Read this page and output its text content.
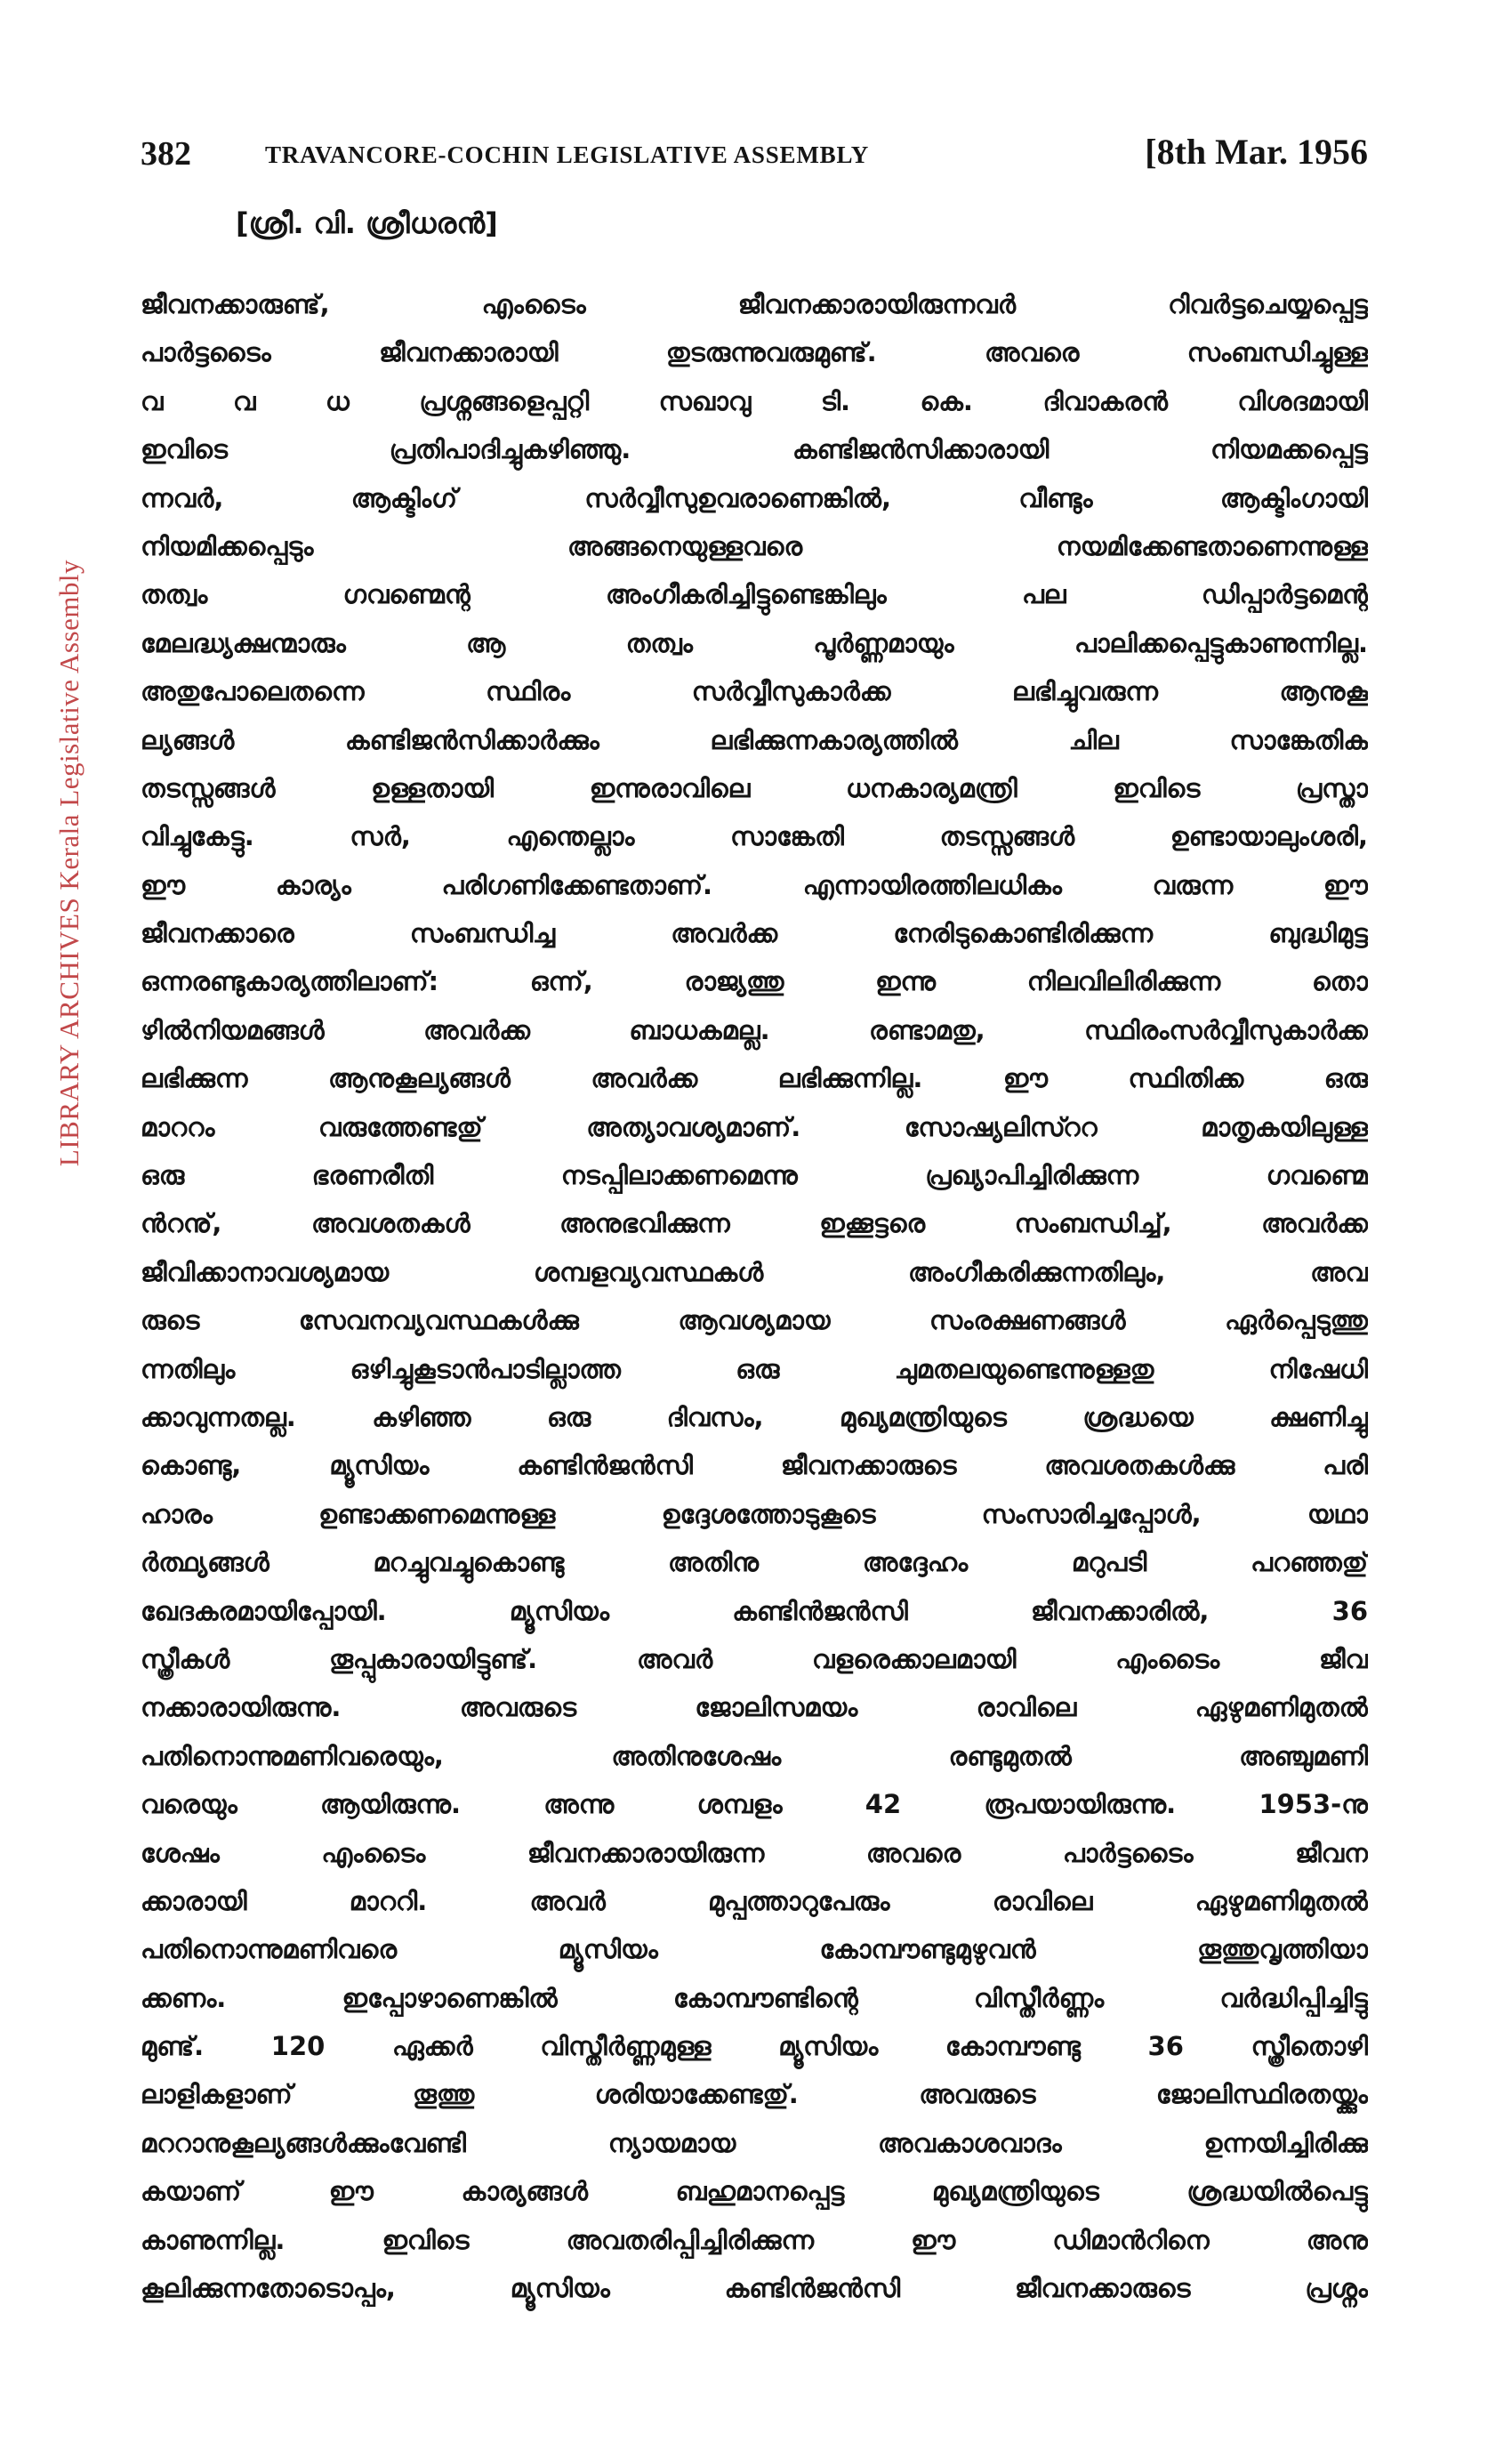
LIBRARY ARCHIVES Kerala Legislative Assembly
382	TRAVANCORE-COCHIN LEGISLATIVE ASSEMBLY	[8th Mar. 1956
[ശ്രീ. വി. ശ്രീധരൻ]
ജീവനക്കാരുണ്ട്, എംടൈം ജീവനക്കാരായിരുന്നവർ റിവർട്ടചെയ്യപ്പെട്ട
പാർട്ടടൈം ജീവനക്കാരായി തുടരുന്നുവരുമുണ്ട്. അവരെ സംബന്ധിച്ചുള്ള
വ വ ധ പ്രശ്നങ്ങളെപ്പറ്റി സഖാവു ടി. കെ. ദിവാകരൻ വിശദമായി
ഇവിടെ പ്രതിപാദിച്ചുകഴിഞ്ഞു. കണ്ടിജൻസിക്കാരായി നിയമക്കപ്പെട്ട
ന്നവർ, ആക്ടിംഗ് സർവ്വീസുഉവരാണെങ്കിൽ, വീണ്ടും ആക്ടിംഗായി
നിയമിക്കപ്പെടും അങ്ങനെയുള്ളവരെ നയമിക്കേണ്ടതാണെന്നുള്ള
തത്വം ഗവണ്മെന്റ അംഗീകരിച്ചിട്ടുണ്ടെങ്കിലും പല ഡിപ്പാർട്ടമെന്റ
മേലദ്ധ്യക്ഷന്മാരും ആ തത്വം പൂർണ്ണമായും പാലിക്കപ്പെട്ടുകാണുന്നില്ല.
അതുപോലെതന്നെ സ്ഥിരം സർവ്വീസുകാർക്ക ലഭിച്ചുവരുന്ന ആനുകൂ
ല്യങ്ങൾ കണ്ടിജൻസിക്കാർക്കും ലഭിക്കുന്നകാര്യത്തിൽ ചില സാങ്കേതിക
തടസ്സങ്ങൾ ഉള്ളതായി ഇന്നുരാവിലെ ധനകാര്യമന്ത്രി ഇവിടെ പ്രസ്താ
വിച്ചുകേട്ടു. സർ, എന്തെല്ലാം സാങ്കേതി തടസ്സങ്ങൾ ഉണ്ടായാലുംശരി,
ഈ കാര്യം പരിഗണിക്കേണ്ടതാണ്. എന്നായിരത്തിലധികം വരുന്ന ഈ
ജീവനക്കാരെ സംബന്ധിച്ച അവർക്ക നേരിടുകൊണ്ടിരിക്കുന്ന ബുദ്ധിമുട്ട
ഒന്നരണ്ടുകാര്യത്തിലാണ്: ഒന്ന്, രാജ്യത്തു ഇന്നു നിലവിലിരിക്കുന്ന തൊ
ഴിൽനിയമങ്ങൾ അവർക്ക ബാധകമല്ല. രണ്ടാമതു, സ്ഥിരംസർവ്വീസുകാർക്ക
ലഭിക്കുന്ന ആനുകൂല്യങ്ങൾ അവർക്ക ലഭിക്കുന്നില്ല. ഈ സ്ഥിതിക്ക ഒരു
മാററം വരുത്തേണ്ടതു് അത്യാവശ്യമാണ്. സോഷ്യലിസ്ററ മാതൃകയിലുള്ള
ഒരു ഭരണരീതി നടപ്പിലാക്കണമെന്നു പ്രഖ്യാപിച്ചിരിക്കുന്ന ഗവണ്മെ
ൻറനു്, അവശതകൾ അനുഭവിക്കുന്ന ഇക്കൂട്ടരെ സംബന്ധിച്ച്, അവർക്ക
ജീവിക്കാനാവശ്യമായ ശമ്പളവ്യവസ്ഥകൾ അംഗീകരിക്കുന്നതിലും, അവ
രുടെ സേവനവ്യവസ്ഥകൾക്കു ആവശ്യമായ സംരക്ഷണങ്ങൾ ഏർപ്പെടുത്തു
ന്നതിലും ഒഴിച്ചുകൂടാൻപാടില്ലാത്ത ഒരു ചുമതലയുണ്ടെന്നുള്ളതു നിഷേധി
ക്കാവുന്നതല്ല. കഴിഞ്ഞ ഒരു ദിവസം, മുഖ്യമന്ത്രിയുടെ ശ്രദ്ധയെ ക്ഷണിച്ചു
കൊണ്ടു, മ്യൂസിയം കണ്ടിൻജൻസി ജീവനക്കാരുടെ അവശതകൾക്കു പരി
ഹാരം ഉണ്ടാക്കണമെന്നുള്ള ഉദ്ദേശത്തോടുകൂടെ സംസാരിച്ചപ്പോൾ, യഥാ
ർത്ഥ്യങ്ങൾ മറച്ചുവച്ചുകൊണ്ടു അതിനു അദ്ദേഹം മറുപടി പറഞ്ഞതു്
ഖേദകരമായിപ്പോയി. മ്യൂസിയം കണ്ടിൻജൻസി ജീവനക്കാരിൽ, 36
സ്ത്രീകൾ തൂപ്പുകാരായിട്ടുണ്ട്. അവർ വളരെക്കാലമായി എംടൈം ജീവ
നക്കാരായിരുന്നു. അവരുടെ ജോലിസമയം രാവിലെ ഏഴുമണിമുതൽ
പതിനൊന്നുമണിവരെയും, അതിനുശേഷം രണ്ടുമുതൽ അഞ്ചുമണി
വരെയും ആയിരുന്നു. അന്നു ശമ്പളം 42 രൂപയായിരുന്നു. 1953-നു
ശേഷം എംടൈം ജീവനക്കാരായിരുന്ന അവരെ പാർട്ടടൈം ജീവന
ക്കാരായി മാററി. അവർ മുപ്പത്താറുപേരും രാവിലെ ഏഴുമണിമുതൽ
പതിനൊന്നുമണിവരെ മ്യൂസിയം കോമ്പൗണ്ടുമുഴുവൻ തൂത്തുവൃത്തിയാ
ക്കണം. ഇപ്പോഴാണെങ്കിൽ കോമ്പൗണ്ടിന്റെ വിസ്തീർണ്ണം വർദ്ധിപ്പിച്ചിട്ടു
മുണ്ട്. 120 ഏക്കർ വിസ്തീർണ്ണമുള്ള മ്യൂസിയം കോമ്പൗണ്ടു 36 സ്ത്രീതൊഴി
ലാളികളാണ് തൂത്തു ശരിയാക്കേണ്ടതു്. അവരുടെ ജോലിസ്ഥിരതയ്ക്കും
മററാനുകൂല്യങ്ങൾക്കുംവേണ്ടി ന്യായമായ അവകാശവാദം ഉന്നയിച്ചിരിക്കു
കയാണ് ഈ കാര്യങ്ങൾ ബഹുമാനപ്പെട്ട മുഖ്യമന്ത്രിയുടെ ശ്രദ്ധയിൽപെട്ടു
കാണുന്നില്ല. ഇവിടെ അവതരിപ്പിച്ചിരിക്കുന്ന ഈ ഡിമാൻറിനെ അനു
കൂലിക്കുന്നതോടൊപ്പം, മ്യൂസിയം കണ്ടിൻജൻസി ജീവനക്കാരുടെ പ്രശ്നം
